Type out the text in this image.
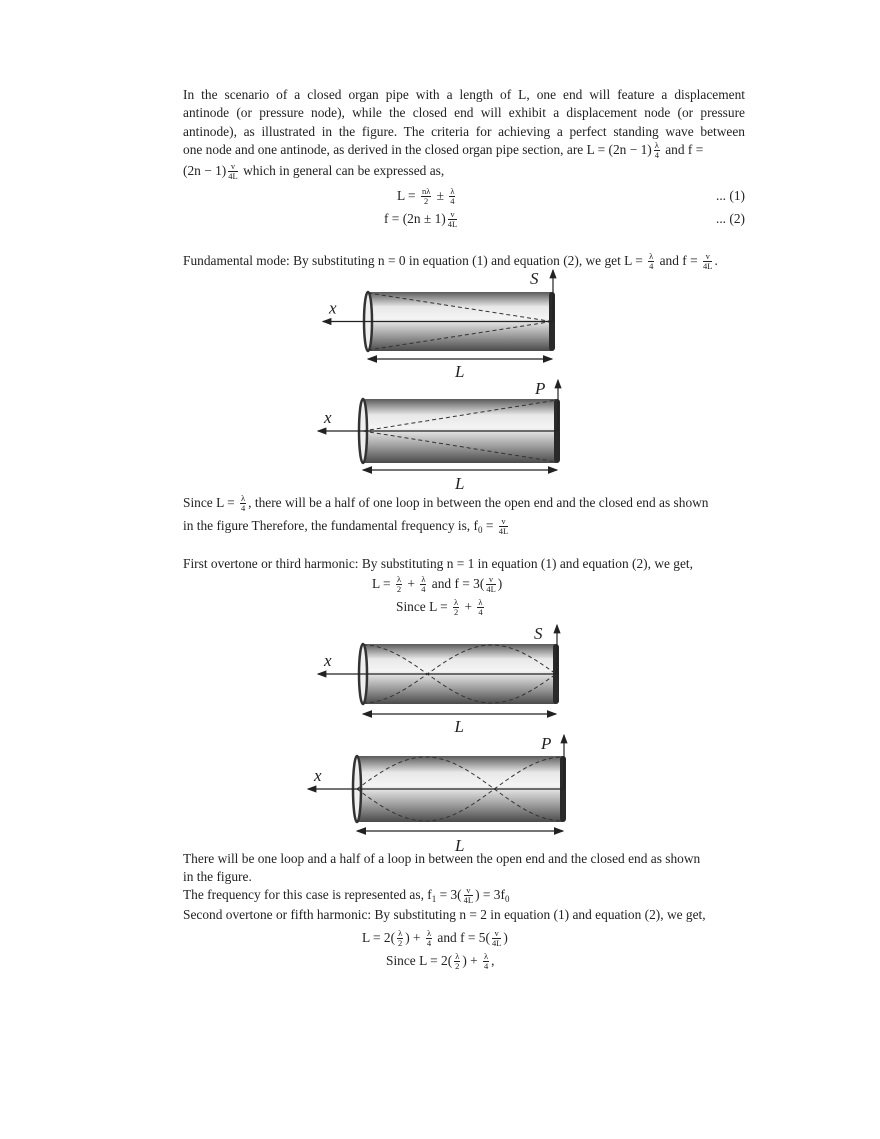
x
S
L
x
P
L
x
S
L
x
P
L
In the scenario of a closed organ pipe with a length of L, one end will feature a displacement
antinode (or pressure node), while the closed end will exhibit a displacement node (or pressure
antinode), as illustrated in the figure. The criteria for achieving a perfect standing wave between
one node and one antinode, as derived in the closed organ pipe section, are $L = (2n - 1) \frac{\lambda}{4}$ and f =
$(2n - 1) \frac{v}{4L}$ which in general can be expressed as,
$L = \frac{n\lambda}{2} \pm \frac{\lambda}{4}$	... (1)
$f = (2n \pm 1) \frac{v}{4L}$	... (2)
Fundamental mode: By substituting n = 0 in equation (1) and equation (2), we get $L = \frac{\lambda}{4}$ and $f = \frac{v}{4L}$ .
Since $L = \frac{\lambda}{4}$ , there will be a half of one loop in between the open end and the closed end as shown
in the figure Therefore, the fundamental frequency is, $f_0 = \frac{v}{4L}$
First overtone or third harmonic: By substituting n = 1 in equation (1) and equation (2), we get,
$L = \frac{\lambda}{2} + \frac{\lambda}{4}$ and $f = 3( \frac{v}{4L}$ )
Since $L = \frac{\lambda}{2} + \frac{\lambda}{4}$
There will be one loop and a half of a loop in between the open end and the closed end as shown
in the figure.
The frequency for this case is represented as, $f_1 = 3( \frac{v}{4L}$ ) = $3f_0$
Second overtone or fifth harmonic: By substituting n = 2 in equation (1) and equation (2), we get,
$L = 2( \frac{\lambda}{2}$ ) + $\frac{\lambda}{4}$ and $f = 5( \frac{v}{4L}$ )
Since $L = 2( \frac{\lambda}{2}$ ) + $\frac{\lambda}{4}$ ,
